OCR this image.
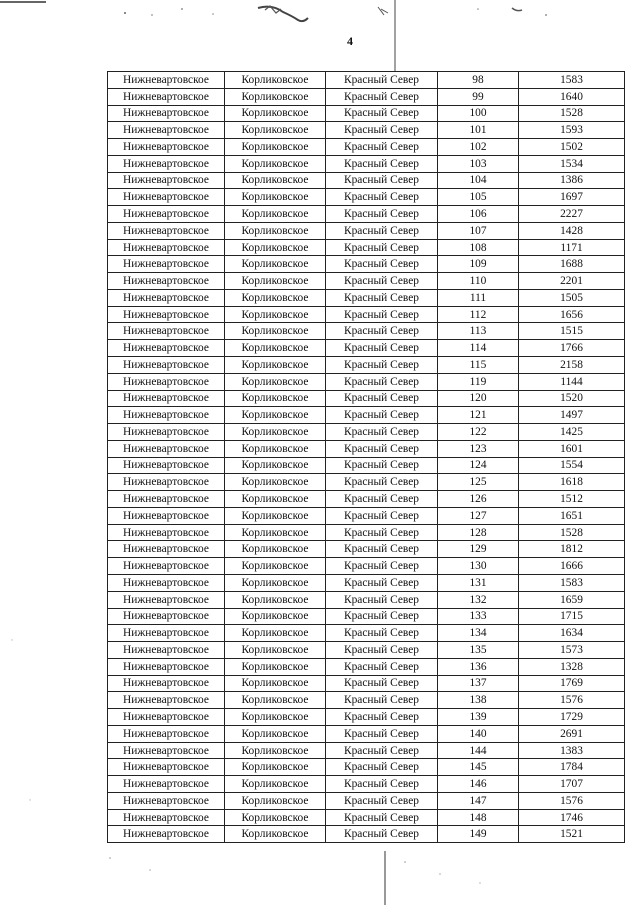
4
Нижневартовское	Корликовское	Красный Север	98	1583
Нижневартовское	Корликовское	Красный Север	99	1640
Нижневартовское	Корликовское	Красный Север	100	1528
Нижневартовское	Корликовское	Красный Север	101	1593
Нижневартовское	Корликовское	Красный Север	102	1502
Нижневартовское	Корликовское	Красный Север	103	1534
Нижневартовское	Корликовское	Красный Север	104	1386
Нижневартовское	Корликовское	Красный Север	105	1697
Нижневартовское	Корликовское	Красный Север	106	2227
Нижневартовское	Корликовское	Красный Север	107	1428
Нижневартовское	Корликовское	Красный Север	108	1171
Нижневартовское	Корликовское	Красный Север	109	1688
Нижневартовское	Корликовское	Красный Север	110	2201
Нижневартовское	Корликовское	Красный Север	111	1505
Нижневартовское	Корликовское	Красный Север	112	1656
Нижневартовское	Корликовское	Красный Север	113	1515
Нижневартовское	Корликовское	Красный Север	114	1766
Нижневартовское	Корликовское	Красный Север	115	2158
Нижневартовское	Корликовское	Красный Север	119	1144
Нижневартовское	Корликовское	Красный Север	120	1520
Нижневартовское	Корликовское	Красный Север	121	1497
Нижневартовское	Корликовское	Красный Север	122	1425
Нижневартовское	Корликовское	Красный Север	123	1601
Нижневартовское	Корликовское	Красный Север	124	1554
Нижневартовское	Корликовское	Красный Север	125	1618
Нижневартовское	Корликовское	Красный Север	126	1512
Нижневартовское	Корликовское	Красный Север	127	1651
Нижневартовское	Корликовское	Красный Север	128	1528
Нижневартовское	Корликовское	Красный Север	129	1812
Нижневартовское	Корликовское	Красный Север	130	1666
Нижневартовское	Корликовское	Красный Север	131	1583
Нижневартовское	Корликовское	Красный Север	132	1659
Нижневартовское	Корликовское	Красный Север	133	1715
Нижневартовское	Корликовское	Красный Север	134	1634
Нижневартовское	Корликовское	Красный Север	135	1573
Нижневартовское	Корликовское	Красный Север	136	1328
Нижневартовское	Корликовское	Красный Север	137	1769
Нижневартовское	Корликовское	Красный Север	138	1576
Нижневартовское	Корликовское	Красный Север	139	1729
Нижневартовское	Корликовское	Красный Север	140	2691
Нижневартовское	Корликовское	Красный Север	144	1383
Нижневартовское	Корликовское	Красный Север	145	1784
Нижневартовское	Корликовское	Красный Север	146	1707
Нижневартовское	Корликовское	Красный Север	147	1576
Нижневартовское	Корликовское	Красный Север	148	1746
Нижневартовское	Корликовское	Красный Север	149	1521
